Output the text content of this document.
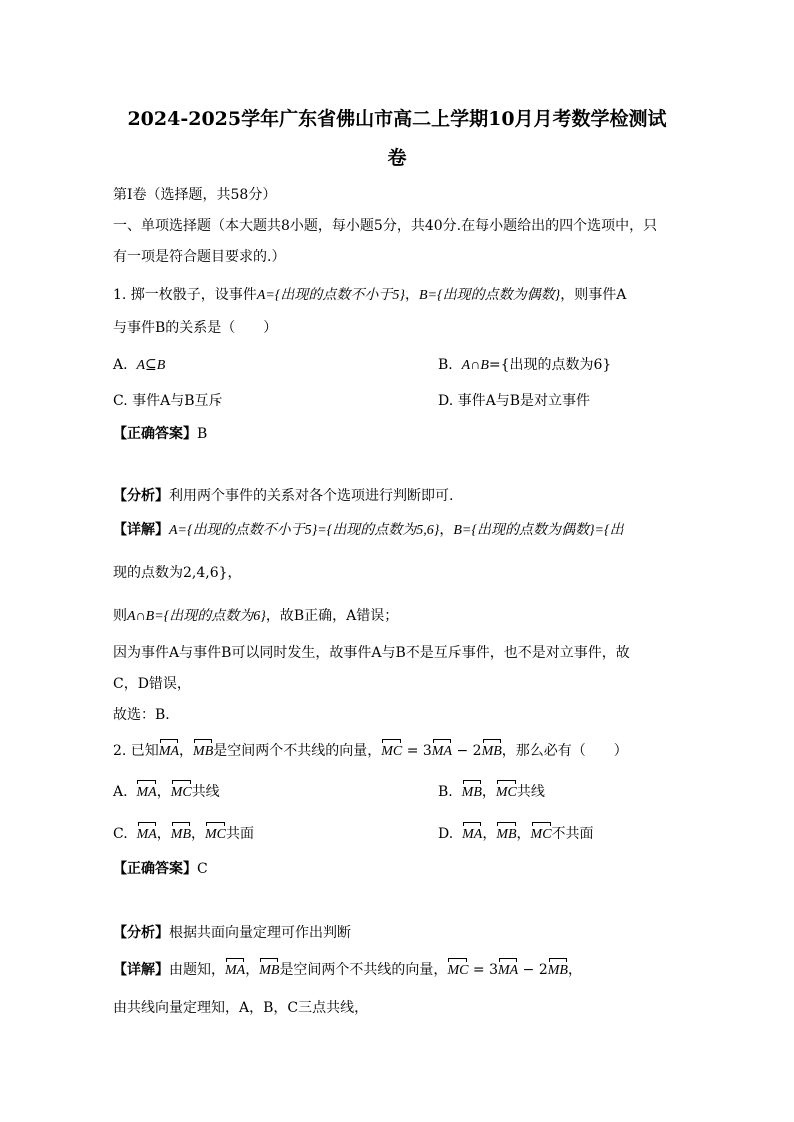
2024-2025学年广东省佛山市高二上学期10月月考数学检测试
卷
第I卷（选择题，共58分）
一、单项选择题（本大题共8小题，每小题5分，共40分.在每小题给出的四个选项中，只
有一项是符合题目要求的.）
1. 掷一枚骰子，设事件A={出现的点数不小于5}，B={出现的点数为偶数}，则事件A
与事件B的关系是（　　）
A. A⊆B	B. A∩B={出现的点数为6}
C. 事件A与B互斥	D. 事件A与B是对立事件
【正确答案】B
【分析】利用两个事件的关系对各个选项进行判断即可.
【详解】A={出现的点数不小于5}={出现的点数为5,6}，B={出现的点数为偶数}={出
现的点数为2,4,6}，
则A∩B={出现的点数为6}，故B正确，A错误；
因为事件A与事件B可以同时发生，故事件A与B不是互斥事件，也不是对立事件，故
C，D错误，
故选：B.
2. 已知MA，MB是空间两个不共线的向量，MC = 3MA − 2MB，那么必有（　　）
A. MA，MC共线	B. MB，MC共线
C. MA，MB，MC共面	D. MA，MB，MC不共面
【正确答案】C
【分析】根据共面向量定理可作出判断
【详解】由题知，MA，MB是空间两个不共线的向量，MC = 3MA − 2MB，
由共线向量定理知，A，B，C三点共线，
